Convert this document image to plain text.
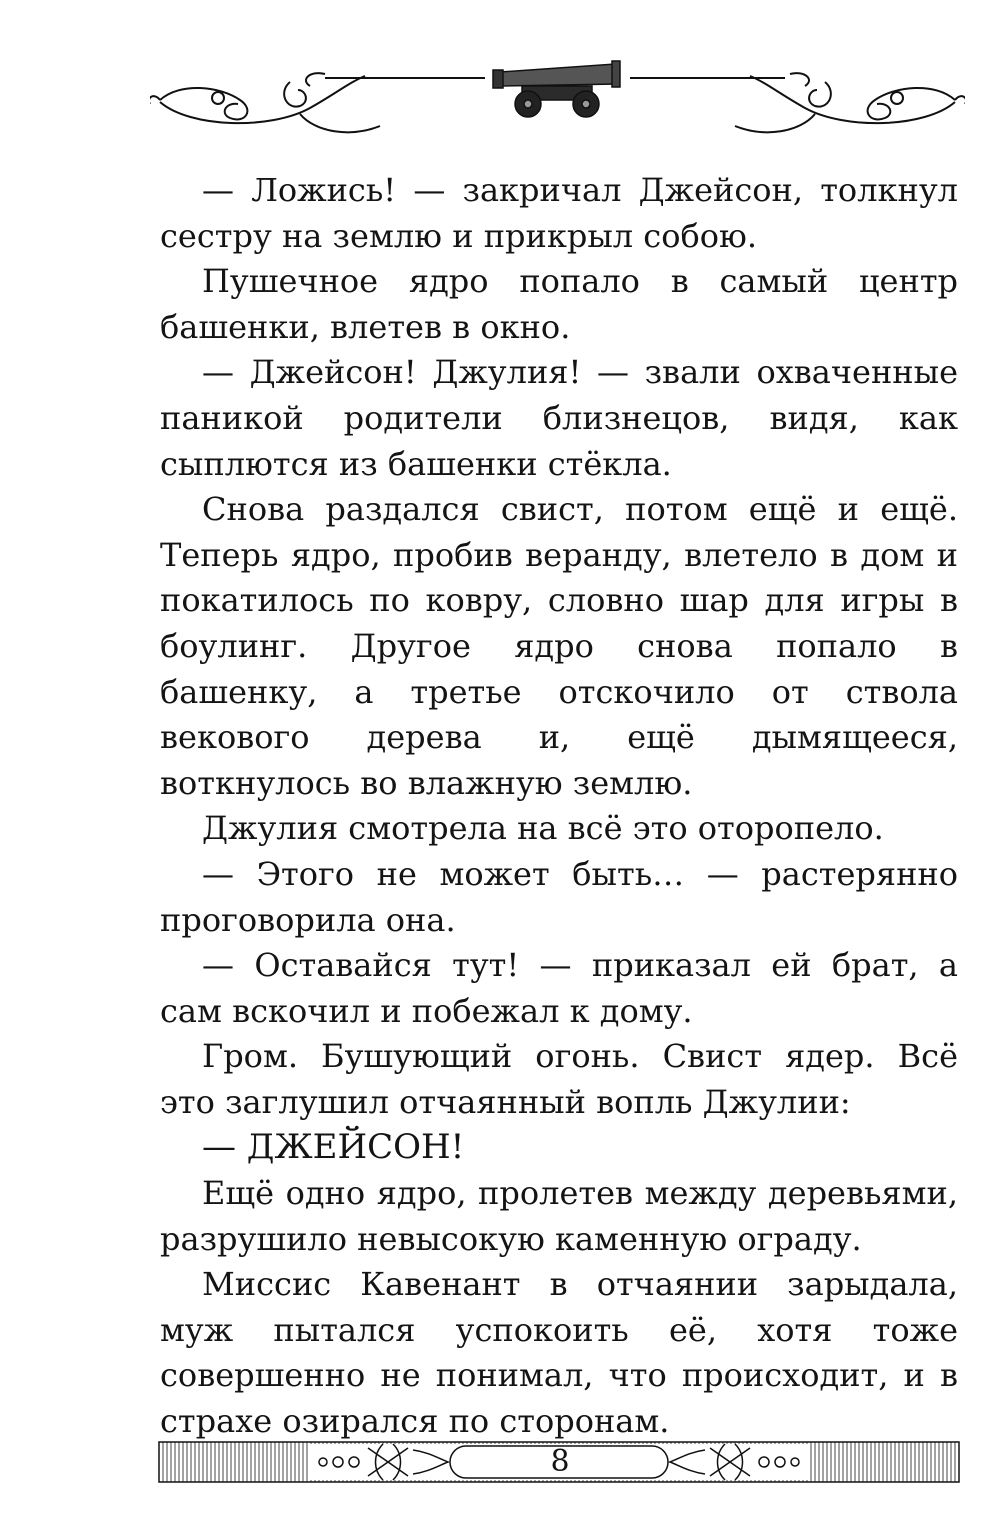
— Ложись! — закричал Джейсон, толкнул сестру на землю и прикрыл собою.

Пушечное ядро попало в самый центр башенки, влетев в окно.

— Джейсон! Джулия! — звали охваченные паникой родители близнецов, видя, как сыплются из башенки стёкла.

Снова раздался свист, потом ещё и ещё. Теперь ядро, пробив веранду, влетело в дом и покатилось по ковру, словно шар для игры в боулинг. Другое ядро снова попало в башенку, а третье отскочило от ствола векового дерева и, ещё дымящееся, воткнулось во влажную землю.

Джулия смотрела на всё это оторопело.

— Этого не может быть… — растерянно проговорила она.

— Оставайся тут! — приказал ей брат, а сам вскочил и побежал к дому.

Гром. Бушующий огонь. Свист ядер. Всё это заглушил отчаянный вопль Джулии:

— ДЖЕЙСОН!

Ещё одно ядро, пролетев между деревьями, разрушило невысокую каменную ограду.

Миссис Кавенант в отчаянии зарыдала, муж пытался успокоить её, хотя тоже совершенно не понимал, что происходит, и в страхе озирался по сторонам.

8
